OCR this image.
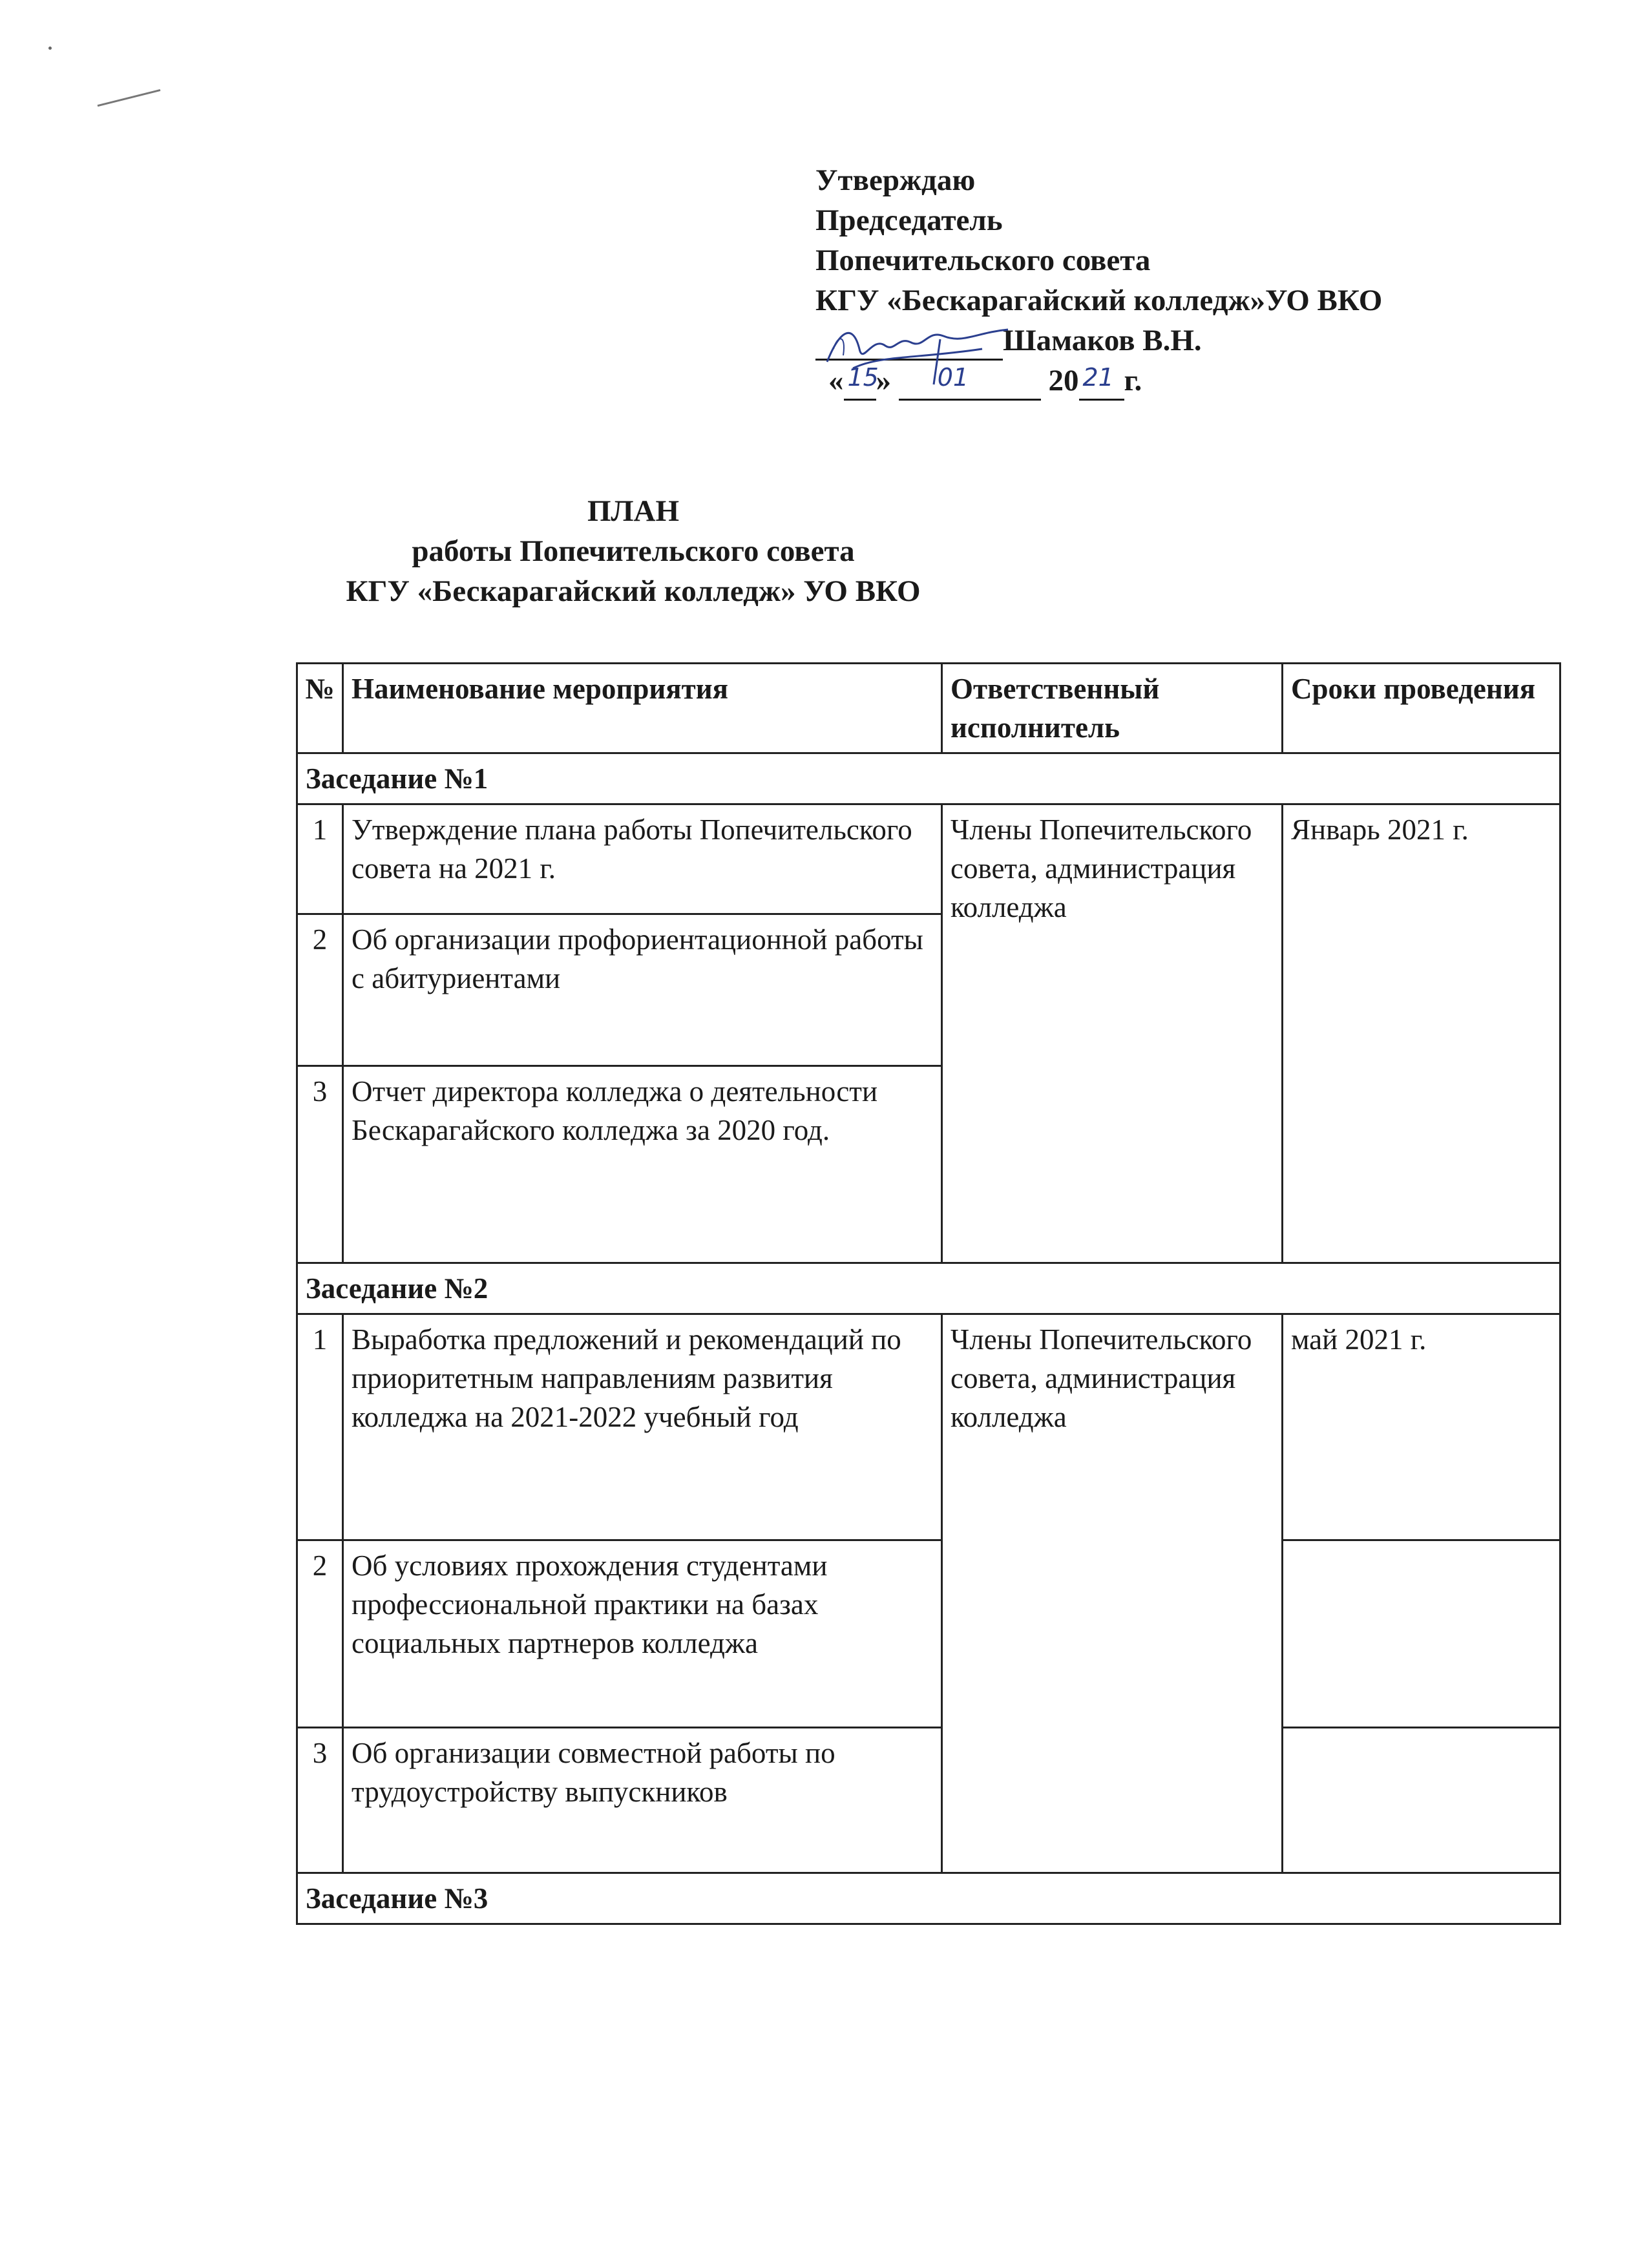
Утверждаю
Председатель
Попечительского совета
КГУ «Бескарагайский колледж»УО ВКО
Шамаков В.Н.
« 15
» 01	20 21 г.
ПЛАН
работы Попечительского совета
КГУ «Бескарагайский колледж» УО ВКО
№	Наименование мероприятия	Ответственный исполнитель	Сроки проведения
Заседание №1			
1	Утверждение плана работы Попечительского совета на 2021 г.	Члены Попечительского совета, администрация колледжа	Январь 2021 г.
2	Об организации профориентационной работы с абитуриентами		
3	Отчет директора колледжа о деятельности Бескарагайского колледжа за 2020 год.		
Заседание №2			
1	Выработка предложений и рекомендаций по приоритетным направлениям развития колледжа на 2021-2022 учебный год	Члены Попечительского совета, администрация колледжа	май 2021 г.
2	Об условиях прохождения студентами профессиональной практики на базах социальных партнеров колледжа		
3	Об организации совместной работы по трудоустройству выпускников		
Заседание №3			
